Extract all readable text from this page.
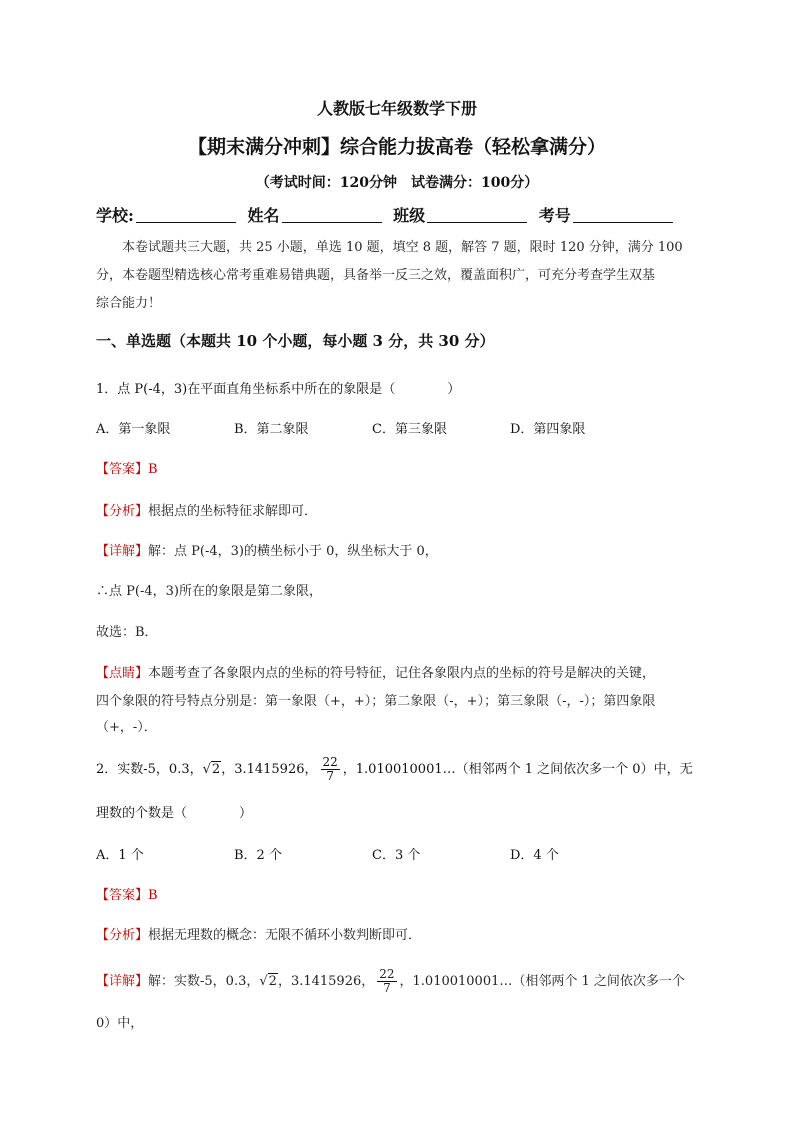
人教版七年级数学下册
【期末满分冲刺】综合能力拔高卷（轻松拿满分）
（考试时间：120分钟　试卷满分：100分）
学校:	姓名	班级	考号

本卷试题共三大题，共 25 小题，单选 10 题，填空 8 题，解答 7 题，限时 120 分钟，满分 100

分，本卷题型精选核心常考重难易错典题，具备举一反三之效，覆盖面积广，可充分考查学生双基

综合能力！

一、单选题（本题共 10 个小题，每小题 3 分，共 30 分）
1．点 P(-4，3)在平面直角坐标系中所在的象限是（　　　　）
A．第一象限	B．第二象限	C．第三象限	D．第四象限
【答案】B
【分析】根据点的坐标特征求解即可．
【详解】解：点 P(-4，3)的横坐标小于 0，纵坐标大于 0，
∴点 P(-4，3)所在的象限是第二象限，
故选：B．
【点睛】本题考查了各象限内点的坐标的符号特征，记住各象限内点的坐标的符号是解决的关键，
四个象限的符号特点分别是：第一象限（+，+）；第二象限（-，+）；第三象限（-，-）；第四象限
（+，-）．
2．实数-5，0.3，√2，3.1415926， $\frac{22}{7}$ ，1.010010001…（相邻两个 1 之间依次多一个 0）中，无
理数的个数是（　　　　）
A．1 个	B．2 个	C．3 个	D．4 个
【答案】B
【分析】根据无理数的概念：无限不循环小数判断即可．
【详解】解：实数-5，0.3，√2，3.1415926， $\frac{22}{7}$ ，1.010010001…（相邻两个 1 之间依次多一个
0）中，
